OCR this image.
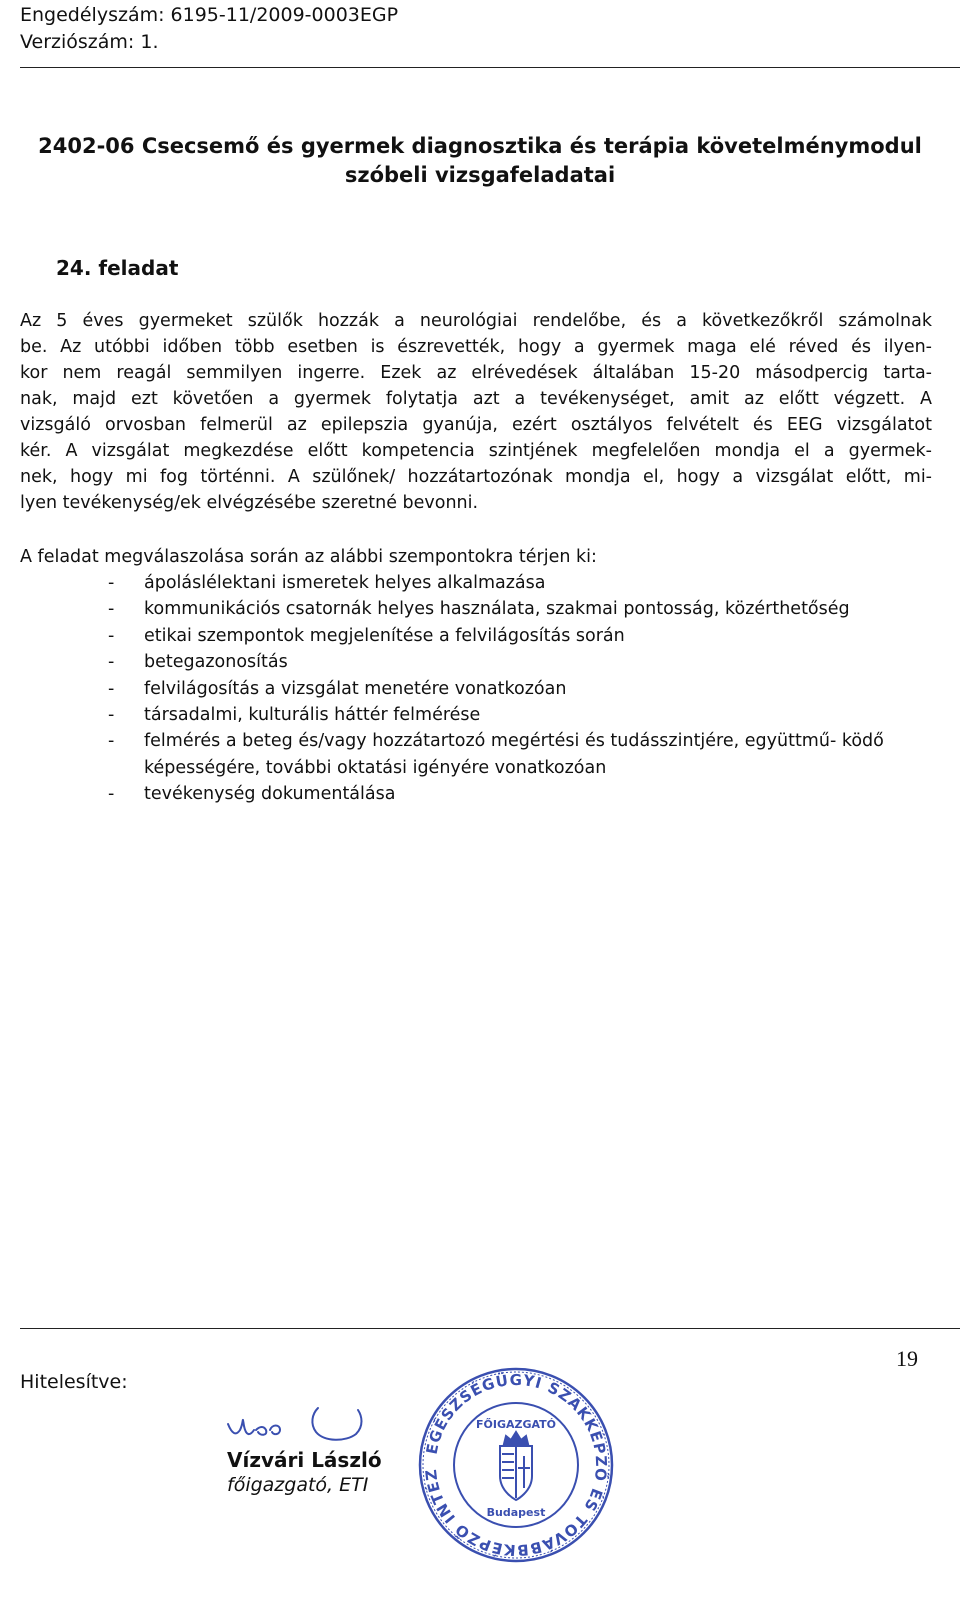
Engedélyszám: 6195-11/2009-0003EGP
Verziószám: 1.
2402-06 Csecsemő és gyermek diagnosztika és terápia követelménymodul
szóbeli vizsgafeladatai
24. feladat
Az 5 éves gyermeket szülők hozzák a neurológiai rendelőbe, és a következőkről számolnak
be. Az utóbbi időben több esetben is észrevették, hogy a gyermek maga elé réved és ilyen-
kor nem reagál semmilyen ingerre. Ezek az elrévedések általában 15-20 másodpercig tarta-
nak, majd ezt követően a gyermek folytatja azt a tevékenységet, amit az előtt végzett. A
vizsgáló orvosban felmerül az epilepszia gyanúja, ezért osztályos felvételt és EEG vizsgálatot
kér. A vizsgálat megkezdése előtt kompetencia szintjének megfelelően mondja el a gyermek-
nek, hogy mi fog történni. A szülőnek/ hozzátartozónak mondja el, hogy a vizsgálat előtt, mi-
lyen tevékenység/ek elvégzésébe szeretné bevonni.
A feladat megválaszolása során az alábbi szempontokra térjen ki:
- ápoláslélektani ismeretek helyes alkalmazása
- kommunikációs csatornák helyes használata, szakmai pontosság, közérthetőség
- etikai szempontok megjelenítése a felvilágosítás során
- betegazonosítás
- felvilágosítás a vizsgálat menetére vonatkozóan
- társadalmi, kulturális háttér felmérése
- felmérés a beteg és/vagy hozzátartozó megértési és tudásszintjére, együttmű- ködő képességére, további oktatási igényére vonatkozóan
- tevékenység dokumentálása
19
Hitelesítve:
Vízvári László
főigazgató, ETI
EGÉSZSÉGÜGYI SZAKKÉPZŐ ÉS TOVÁBBKÉPZŐ INTÉZ
FŐIGAZGATÓ
Budapest
